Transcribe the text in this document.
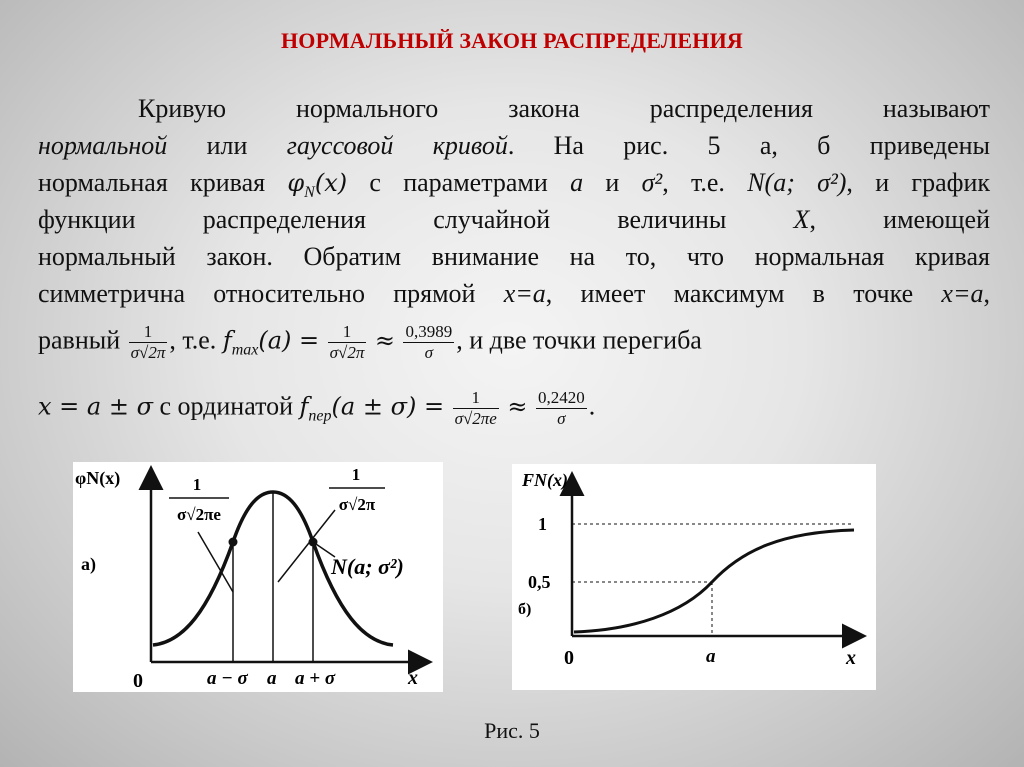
НОРМАЛЬНЫЙ ЗАКОН РАСПРЕДЕЛЕНИЯ
Кривую нормального закона распределения называют
нормальной или гауссовой кривой. На рис. 5 а, б приведены
нормальная кривая $\varphi_N(x)$ с параметрами a и σ², т.е. N(a; σ²), и график
функции распределения случайной величины	X, имеющей
нормальный закон. Обратим внимание на то, что нормальная кривая
симметрична относительно прямой x=a, имеет максимум в точке x=a,
равный $\frac{1}{\sigma√2\pi}$ , т.е. $f_{max}(a) = \frac{1}{\sigma√2\pi} \approx \frac{0,3989}{\sigma}$ , и две точки перегиба
x = a ± σ с ординатой $f_{пер}(a \pm \sigma) = \frac{1}{\sigma√2\pi e} \approx \frac{0,2420}{\sigma}$ .
φN(x)
а)
0	x
a − σ a a + σ
1
σ√2πe
1
σ√2π
N(a; σ²)
FN(x)
1
0,5
б)
0	a	x
Рис. 5
